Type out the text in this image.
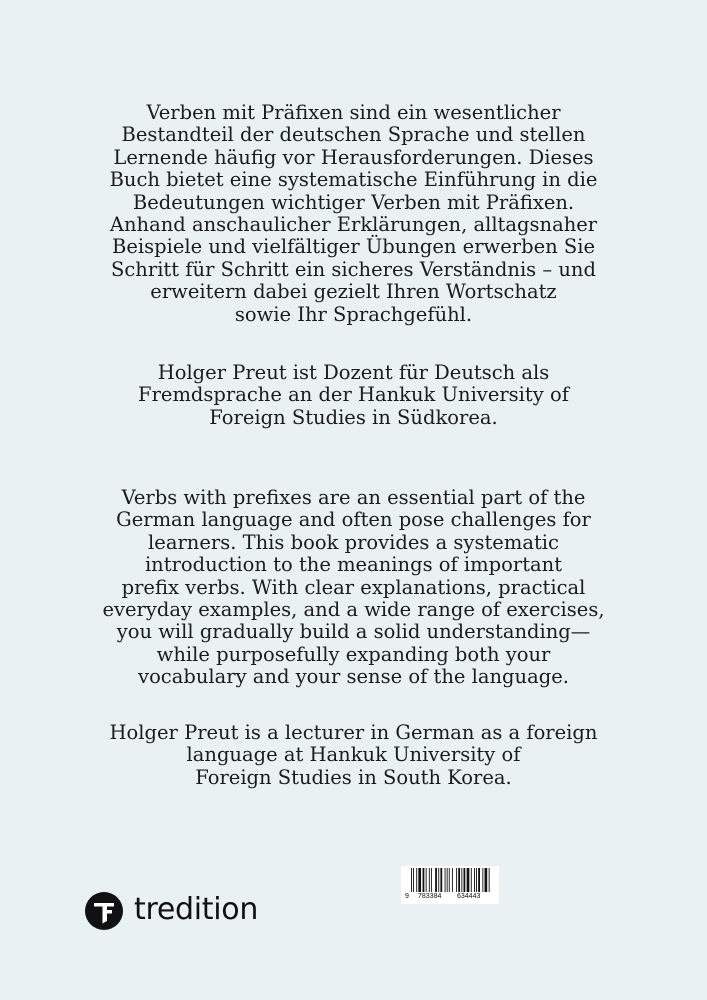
Verben mit Präfixen sind ein wesentlicher
Bestandteil der deutschen Sprache und stellen
Lernende häufig vor Herausforderungen. Dieses
Buch bietet eine systematische Einführung in die
Bedeutungen wichtiger Verben mit Präfixen.
Anhand anschaulicher Erklärungen, alltagsnaher
Beispiele und vielfältiger Übungen erwerben Sie
Schritt für Schritt ein sicheres Verständnis – und
erweitern dabei gezielt Ihren Wortschatz
sowie Ihr Sprachgefühl.

Holger Preut ist Dozent für Deutsch als
Fremdsprache an der Hankuk University of
Foreign Studies in Südkorea.

Verbs with prefixes are an essential part of the
German language and often pose challenges for
learners. This book provides a systematic
introduction to the meanings of important
prefix verbs. With clear explanations, practical
everyday examples, and a wide range of exercises,
you will gradually build a solid understanding—
while purposefully expanding both your
vocabulary and your sense of the language.

Holger Preut is a lecturer in German as a foreign
language at Hankuk University of
Foreign Studies in South Korea.

9 783384 634443
tredition
